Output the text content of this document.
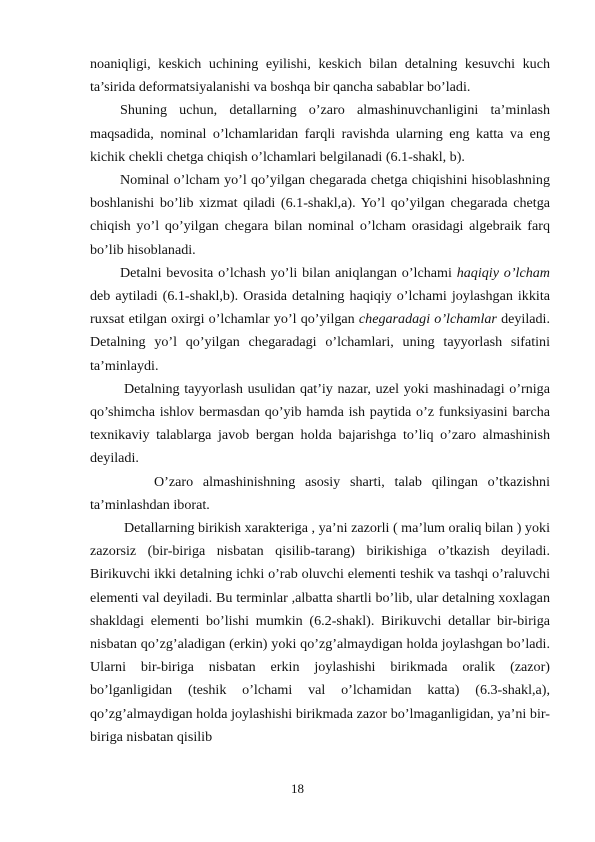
noaniqligi, keskich uchining eyilishi, keskich bilan detalning kesuvchi kuch ta’sirida deformatsiyalanishi va boshqa bir qancha sabablar bo’ladi.

Shuning uchun, detallarning o’zaro almashinuvchanligini ta’minlash maqsadida, nominal o’lchamlaridan farqli ravishda ularning eng katta va eng kichik chekli chetga chiqish o’lchamlari belgilanadi (6.1-shakl, b).

Nominal o’lcham yo’l qo’yilgan chegarada chetga chiqishini hisoblashning boshlanishi bo’lib xizmat qiladi (6.1-shakl,a). Yo’l qo’yilgan chegarada chetga chiqish yo’l qo’yilgan chegara bilan nominal o’lcham orasidagi algebraik farq bo’lib hisoblanadi.

Detalni bevosita o’lchash yo’li bilan aniqlangan o’lchami haqiqiy o’lcham deb aytiladi (6.1-shakl,b). Orasida detalning haqiqiy o’lchami joylashgan ikkita ruxsat etilgan oxirgi o’lchamlar yo’l qo’yilgan chegaradagi o’lchamlar deyiladi. Detalning yo’l qo’yilgan chegaradagi o’lchamlari, uning tayyorlash sifatini ta’minlaydi.

Detalning tayyorlash usulidan qat’iy nazar, uzel yoki mashinadagi o’rniga qo’shimcha ishlov bermasdan qo’yib hamda ish paytida o’z funksiyasini barcha texnikaviy talablarga javob bergan holda bajarishga to’liq o’zaro almashinish deyiladi.

O’zaro almashinishning asosiy sharti, talab qilingan o’tkazishni ta’minlashdan iborat.

Detallarning birikish xarakteriga , ya’ni zazorli ( ma’lum oraliq bilan ) yoki zazorsiz (bir-biriga nisbatan qisilib-tarang) birikishiga o’tkazish deyiladi. Birikuvchi ikki detalning ichki o’rab oluvchi elementi teshik va tashqi o’raluvchi elementi val deyiladi. Bu terminlar ,albatta shartli bo’lib, ular detalning xoxlagan shakldagi elementi bo’lishi mumkin (6.2-shakl). Birikuvchi detallar bir-biriga nisbatan qo’zg’aladigan (erkin) yoki qo’zg’almaydigan holda joylashgan bo’ladi. Ularni bir-biriga nisbatan erkin joylashishi birikmada oralik (zazor) bo’lganligidan (teshik o’lchami val o’lchamidan katta) (6.3-shakl,a), qo’zg’almaydigan holda joylashishi birikmada zazor bo’lmaganligidan, ya’ni bir-biriga nisbatan qisilib

18
